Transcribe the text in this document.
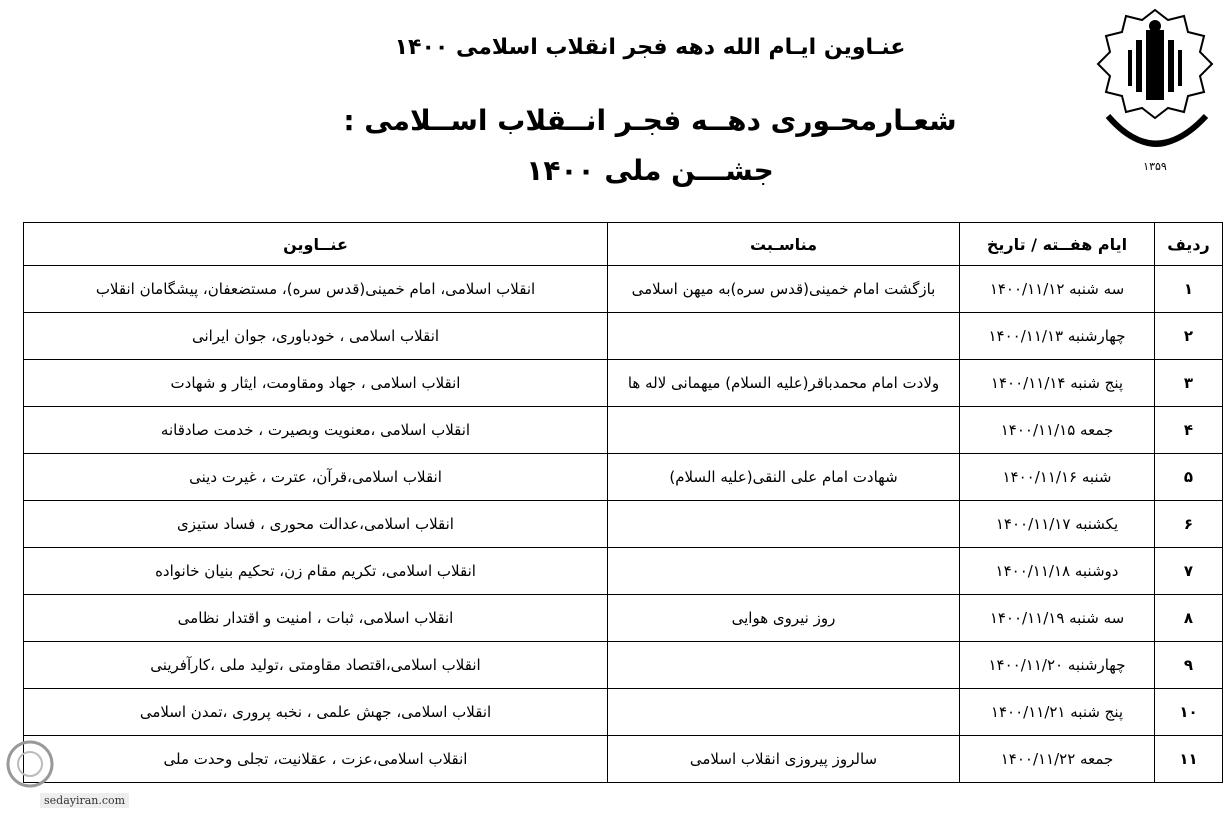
عنـاوین ایـام الله دهه فجر انقلاب اسلامی ۱۴۰۰
شعـارمحـوری دهــه فجـر انــقلاب اســلامی : جشـــن ملی ۱۴۰۰	۱۳۵۹
ردیف	ایام هفــته / تاریخ	مناسـبت	عنــاوین
۱	سه شنبه ۱۴۰۰/۱۱/۱۲	بازگشت امام خمینی(قدس سره)به میهن اسلامی	انقلاب اسلامی، امام خمینی(قدس سره)، مستضعفان، پیشگامان انقلاب
۲	چهارشنبه ۱۴۰۰/۱۱/۱۳		انقلاب اسلامی ، خودباوری، جوان ایرانی
۳	پنج شنبه ۱۴۰۰/۱۱/۱۴	ولادت امام محمدباقر(علیه السلام) میهمانی لاله ها	انقلاب اسلامی ، جهاد ومقاومت، ایثار و شهادت
۴	جمعه ۱۴۰۰/۱۱/۱۵		انقلاب اسلامی ،معنویت وبصیرت ، خدمت صادقانه
۵	شنبه ۱۴۰۰/۱۱/۱۶	شهادت امام علی النقی(علیه السلام)	انقلاب اسلامی،قرآن، عترت ، غیرت دینی
۶	یکشنبه ۱۴۰۰/۱۱/۱۷		انقلاب اسلامی،عدالت محوری ، فساد ستیزی
۷	دوشنبه ۱۴۰۰/۱۱/۱۸		انقلاب اسلامی، تکریم مقام زن، تحکیم بنیان خانواده
۸	سه شنبه ۱۴۰۰/۱۱/۱۹	روز نیروی هوایی	انقلاب اسلامی، ثبات ، امنیت و اقتدار نظامی
۹	چهارشنبه ۱۴۰۰/۱۱/۲۰		انقلاب اسلامی،اقتصاد مقاومتی ،تولید ملی ،کارآفرینی
۱۰	پنج شنبه ۱۴۰۰/۱۱/۲۱		انقلاب اسلامی، جهش علمی ، نخبه پروری ،تمدن اسلامی
۱۱	جمعه ۱۴۰۰/۱۱/۲۲	سالروز پیروزی انقلاب اسلامی	انقلاب اسلامی،عزت ، عقلانیت، تجلی وحدت ملی
sedayiran.com
